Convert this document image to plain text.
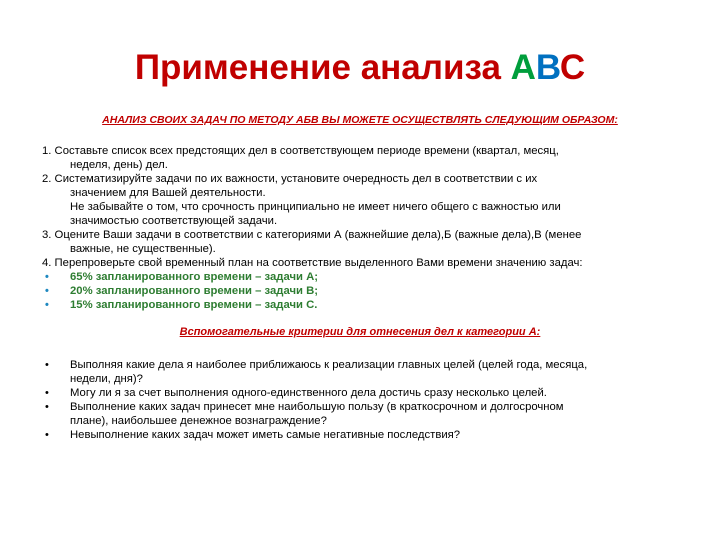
Применение анализа АВС
АНАЛИЗ СВОИХ ЗАДАЧ ПО МЕТОДУ АБВ ВЫ МОЖЕТЕ ОСУЩЕСТВЛЯТЬ СЛЕДУЮЩИМ ОБРАЗОМ:
1. Составьте список всех предстоящих дел в соответствующем периоде времени (квартал, месяц,
неделя, день) дел.
2. Систематизируйте задачи по их важности, установите очередность дел в соответствии с их
значением для Вашей деятельности.
Не забывайте о том, что срочность принципиально не имеет ничего общего с важностью или
значимостью соответствующей задачи.
3. Оцените Ваши задачи в соответствии с категориями А (важнейшие дела),Б (важные дела),В (менее
важные, не существенные).
4. Перепроверьте свой временный план на соответствие выделенного Вами времени значению задач:
• 65% запланированного времени – задачи А;
• 20% запланированного времени – задачи В;
• 15% запланированного времени – задачи С.
Вспомогательные критерии для отнесения дел к категории А:
• Выполняя какие дела я наиболее приближаюсь к реализации главных целей (целей года, месяца,
недели, дня)?
• Могу ли я за счет выполнения одного-единственного дела достичь сразу несколько целей.
• Выполнение каких задач принесет мне наибольшую пользу (в краткосрочном и долгосрочном
плане), наибольшее денежное вознаграждение?
• Невыполнение каких задач может иметь самые негативные последствия?
